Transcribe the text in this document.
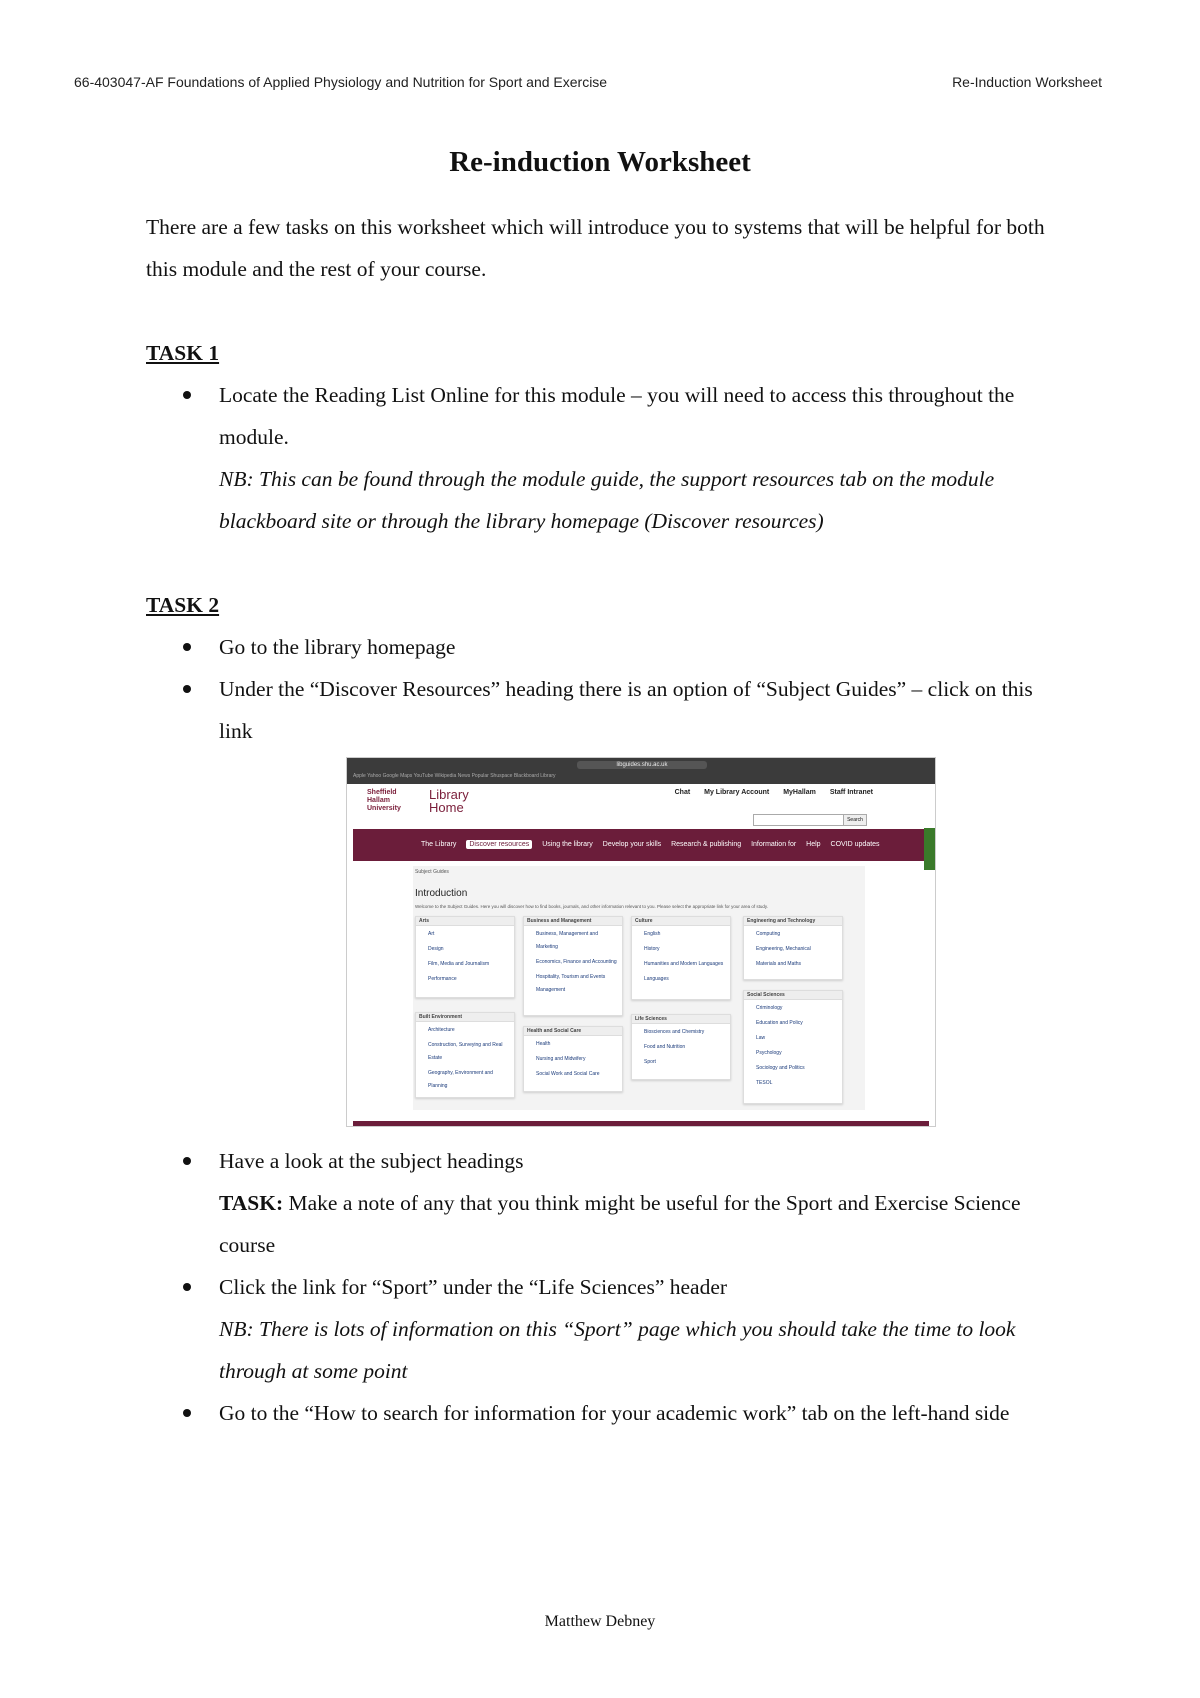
66-403047-AF Foundations of Applied Physiology and Nutrition for Sport and Exercise	Re-Induction Worksheet
Re-induction Worksheet
There are a few tasks on this worksheet which will introduce you to systems that will be helpful for both this module and the rest of your course.
TASK 1
Locate the Reading List Online for this module – you will need to access this throughout the module.
NB: This can be found through the module guide, the support resources tab on the module blackboard site or through the library homepage (Discover resources)
TASK 2
Go to the library homepage
Under the “Discover Resources” heading there is an option of “Subject Guides” – click on this link
libguides.shu.ac.uk
Apple Yahoo Google Maps YouTube Wikipedia News Popular Shuspace Blackboard Library
Sheffield
Hallam
University
Library
Home
Chat My Library Account MyHallam Staff Intranet
Search
The Library Discover resources Using the library Develop your skills Research & publishing Information for Help COVID updates
Subject Guides
Introduction
Welcome to the Subject Guides. Here you will discover how to find books, journals, and other information relevant to you. Please select the appropriate link for your area of study.
Arts
Art
Design
Film, Media and Journalism
Performance
Built Environment
Architecture
Construction, Surveying and Real Estate
Geography, Environment and Planning
Business and Management
Business, Management and Marketing
Economics, Finance and Accounting
Hospitality, Tourism and Events Management
Health and Social Care
Health
Nursing and Midwifery
Social Work and Social Care
Culture
English
History
Humanities and Modern Languages
Languages
Life Sciences
Biosciences and Chemistry
Food and Nutrition
Sport
Engineering and Technology
Computing
Engineering, Mechanical
Materials and Maths
Social Sciences
Criminology
Education and Policy
Law
Psychology
Sociology and Politics
TESOL
Have a look at the subject headings
TASK: Make a note of any that you think might be useful for the Sport and Exercise Science course
Click the link for “Sport” under the “Life Sciences” header
NB: There is lots of information on this “Sport” page which you should take the time to look through at some point
Go to the “How to search for information for your academic work” tab on the left-hand side
Matthew Debney
